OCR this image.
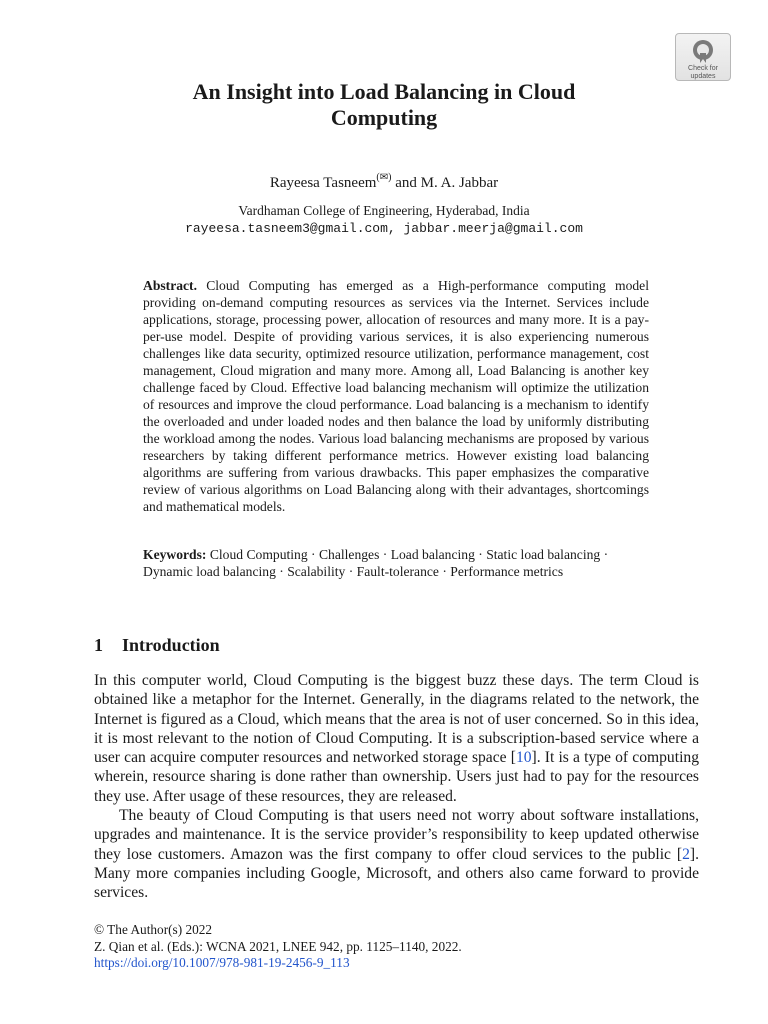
Check for
updates
An Insight into Load Balancing in Cloud
Computing
Rayeesa Tasneem(✉) and M. A. Jabbar
Vardhaman College of Engineering, Hyderabad, India
rayeesa.tasneem3@gmail.com, jabbar.meerja@gmail.com
Abstract. Cloud Computing has emerged as a High-performance computing model providing on-demand computing resources as services via the Internet. Services include applications, storage, processing power, allocation of resources and many more. It is a pay-per-use model. Despite of providing various services, it is also experiencing numerous challenges like data security, optimized resource utilization, performance management, cost management, Cloud migration and many more. Among all, Load Balancing is another key challenge faced by Cloud. Effective load balancing mechanism will optimize the utilization of resources and improve the cloud performance. Load balancing is a mechanism to identify the overloaded and under loaded nodes and then balance the load by uniformly distributing the workload among the nodes. Various load balancing mechanisms are proposed by various researchers by taking different performance metrics. However existing load balancing algorithms are suffering from various drawbacks. This paper emphasizes the comparative review of various algorithms on Load Balancing along with their advantages, shortcomings and mathematical models.
Keywords: Cloud Computing · Challenges · Load balancing · Static load balancing · Dynamic load balancing · Scalability · Fault-tolerance · Performance metrics
1 Introduction

In this computer world, Cloud Computing is the biggest buzz these days. The term Cloud is obtained like a metaphor for the Internet. Generally, in the diagrams related to the network, the Internet is figured as a Cloud, which means that the area is not of user concerned. So in this idea, it is most relevant to the notion of Cloud Computing. It is a subscription-based service where a user can acquire computer resources and networked storage space [10]. It is a type of computing wherein, resource sharing is done rather than ownership. Users just had to pay for the resources they use. After usage of these resources, they are released.

The beauty of Cloud Computing is that users need not worry about software installations, upgrades and maintenance. It is the service provider’s responsibility to keep updated otherwise they lose customers. Amazon was the first company to offer cloud services to the public [2]. Many more companies including Google, Microsoft, and others also came forward to provide services.

© The Author(s) 2022
Z. Qian et al. (Eds.): WCNA 2021, LNEE 942, pp. 1125–1140, 2022.
https://doi.org/10.1007/978-981-19-2456-9_113
